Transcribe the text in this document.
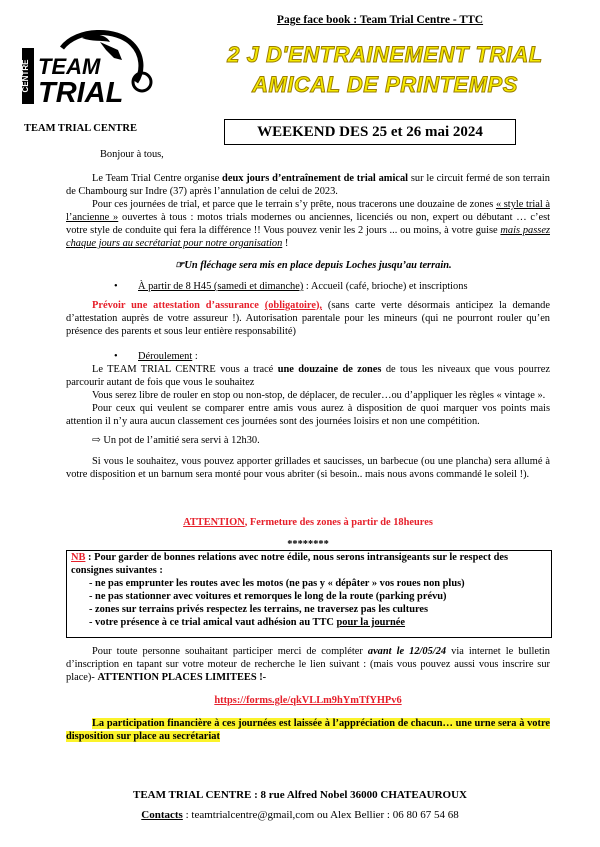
CENTRE TEAM
TRIAL
Page face book : Team Trial Centre - TTC
2 J D'ENTRAINEMENT TRIAL
AMICAL DE PRINTEMPS
TEAM TRIAL CENTRE	WEEKEND DES 25 et 26 mai 2024
Bonjour à tous,

Le Team Trial Centre organise deux jours d’entraînement de trial amical sur le circuit fermé de son terrain de Chambourg sur Indre (37) après l’annulation de celui de 2023.

Pour ces journées de trial, et parce que le terrain s’y prête, nous tracerons une douzaine de zones « style trial à l’ancienne » ouvertes à tous : motos trials modernes ou anciennes, licenciés ou non, expert ou débutant … c’est votre style de conduite qui fera la différence !! Vous pouvez venir les 2 jours ... ou moins, à votre guise mais passez chaque jours au secrétariat pour notre organisation !

☞Un fléchage sera mis en place depuis Loches jusqu’au terrain.

• À partir de 8 H45 (samedi et dimanche) : Accueil (café, brioche) et inscriptions

Prévoir une attestation d’assurance (obligatoire), (sans carte verte désormais anticipez la demande d’attestation auprès de votre assureur !). Autorisation parentale pour les mineurs (qui ne pourront rouler qu’en présence des parents et sous leur entière responsabilité)

• Déroulement :

Le TEAM TRIAL CENTRE vous a tracé une douzaine de zones de tous les niveaux que vous pourrez parcourir autant de fois que vous le souhaitez

Vous serez libre de rouler en stop ou non-stop, de déplacer, de reculer…ou d’appliquer les règles « vintage ».

Pour ceux qui veulent se comparer entre amis vous aurez à disposition de quoi marquer vos points mais attention il n’y aura aucun classement ces journées sont des journées loisirs et non une compétition.

⇨ Un pot de l’amitié sera servi à 12h30.

Si vous le souhaitez, vous pouvez apporter grillades et saucisses, un barbecue (ou une plancha) sera allumé à votre disposition et un barnum sera monté pour vous abriter (si besoin.. mais nous avons commandé le soleil !).

ATTENTION, Fermeture des zones à partir de 18heures
********

NB : Pour garder de bonnes relations avec notre édile, nous serons intransigeants sur le respect des consignes suivantes :

- ne pas emprunter les routes avec les motos (ne pas y « dépâter » vos roues non plus)

- ne pas stationner avec voitures et remorques le long de la route (parking prévu)

- zones sur terrains privés respectez les terrains, ne traversez pas les cultures

- votre présence à ce trial amical vaut adhésion au TTC pour la journée

Pour toute personne souhaitant participer merci de compléter avant le 12/05/24 via internet le bulletin d’inscription en tapant sur votre moteur de recherche le lien suivant : (mais vous pouvez aussi vous inscrire sur place)- ATTENTION PLACES LIMITEES !-

https://forms.gle/qkVLLm9hYmTfYHPv6

La participation financière à ces journées est laissée à l’appréciation de chacun… une urne sera à votre disposition sur place au secrétariat

TEAM TRIAL CENTRE : 8 rue Alfred Nobel 36000 CHATEAUROUX
Contacts : teamtrialcentre@gmail,com ou Alex Bellier : 06 80 67 54 68
